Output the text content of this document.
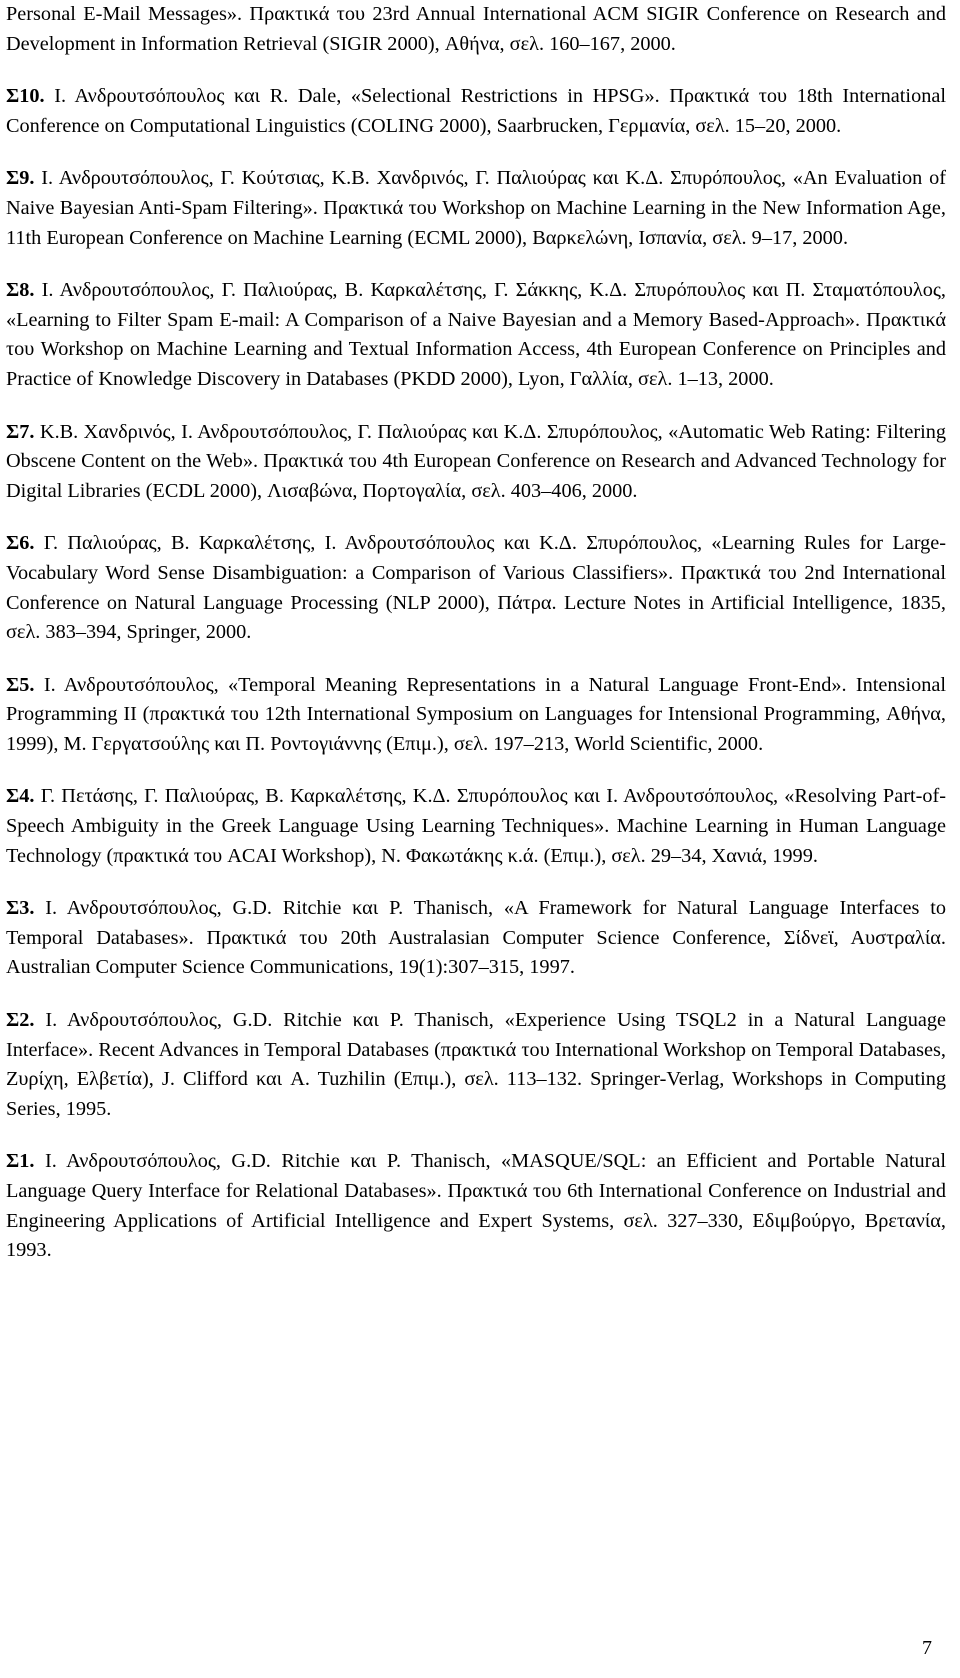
Personal E-Mail Messages». Πρακτικά του 23rd Annual International ACM SIGIR Conference on Research and Development in Information Retrieval (SIGIR 2000), Αθήνα, σελ. 160–167, 2000.

Σ10. Ι. Ανδρουτσόπουλος και R. Dale, «Selectional Restrictions in HPSG». Πρακτικά του 18th International Conference on Computational Linguistics (COLING 2000), Saarbrucken, Γερμανία, σελ. 15–20, 2000.

Σ9. Ι. Ανδρουτσόπουλος, Γ. Κούτσιας, Κ.Β. Χανδρινός, Γ. Παλιούρας και Κ.Δ. Σπυρόπουλος, «An Evaluation of Naive Bayesian Anti-Spam Filtering». Πρακτικά του Workshop on Machine Learning in the New Information Age, 11th European Conference on Machine Learning (ECML 2000), Βαρκελώνη, Ισπανία, σελ. 9–17, 2000.

Σ8. Ι. Ανδρουτσόπουλος, Γ. Παλιούρας, Β. Καρκαλέτσης, Γ. Σάκκης, Κ.Δ. Σπυρόπουλος και Π. Σταματόπουλος, «Learning to Filter Spam E-mail: A Comparison of a Naive Bayesian and a Memory Based-Approach». Πρακτικά του Workshop on Machine Learning and Textual Information Access, 4th European Conference on Principles and Practice of Knowledge Discovery in Databases (PKDD 2000), Lyon, Γαλλία, σελ. 1–13, 2000.

Σ7. Κ.Β. Χανδρινός, Ι. Ανδρουτσόπουλος, Γ. Παλιούρας και Κ.Δ. Σπυρόπουλος, «Automatic Web Rating: Filtering Obscene Content on the Web». Πρακτικά του 4th European Conference on Research and Advanced Technology for Digital Libraries (ECDL 2000), Λισαβώνα, Πορτογαλία, σελ. 403–406, 2000.

Σ6. Γ. Παλιούρας, Β. Καρκαλέτσης, Ι. Ανδρουτσόπουλος και Κ.Δ. Σπυρόπουλος, «Learning Rules for Large-Vocabulary Word Sense Disambiguation: a Comparison of Various Classifiers». Πρακτικά του 2nd International Conference on Natural Language Processing (NLP 2000), Πάτρα. Lecture Notes in Artificial Intelligence, 1835, σελ. 383–394, Springer, 2000.

Σ5. Ι. Ανδρουτσόπουλος, «Temporal Meaning Representations in a Natural Language Front-End». Intensional Programming II (πρακτικά του 12th International Symposium on Languages for Intensional Programming, Αθήνα, 1999), Μ. Γεργατσούλης και Π. Ροντογιάννης (Επιμ.), σελ. 197–213, World Scientific, 2000.

Σ4. Γ. Πετάσης, Γ. Παλιούρας, Β. Καρκαλέτσης, Κ.Δ. Σπυρόπουλος και Ι. Ανδρουτσόπουλος, «Resolving Part-of-Speech Ambiguity in the Greek Language Using Learning Techniques». Machine Learning in Human Language Technology (πρακτικά του ACAI Workshop), Ν. Φακωτάκης κ.ά. (Επιμ.), σελ. 29–34, Χανιά, 1999.

Σ3. Ι. Ανδρουτσόπουλος, G.D. Ritchie και P. Thanisch, «A Framework for Natural Language Interfaces to Temporal Databases». Πρακτικά του 20th Australasian Computer Science Conference, Σίδνεϊ, Αυστραλία. Australian Computer Science Communications, 19(1):307–315, 1997.

Σ2. Ι. Ανδρουτσόπουλος, G.D. Ritchie και P. Thanisch, «Experience Using TSQL2 in a Natural Language Interface». Recent Advances in Temporal Databases (πρακτικά του International Workshop on Temporal Databases, Ζυρίχη, Ελβετία), J. Clifford και A. Tuzhilin (Επιμ.), σελ. 113–132. Springer-Verlag, Workshops in Computing Series, 1995.

Σ1. Ι. Ανδρουτσόπουλος, G.D. Ritchie και P. Thanisch, «MASQUE/SQL: an Efficient and Portable Natural Language Query Interface for Relational Databases». Πρακτικά του 6th International Conference on Industrial and Engineering Applications of Artificial Intelligence and Expert Systems, σελ. 327–330, Εδιμβούργο, Βρετανία, 1993.

7
